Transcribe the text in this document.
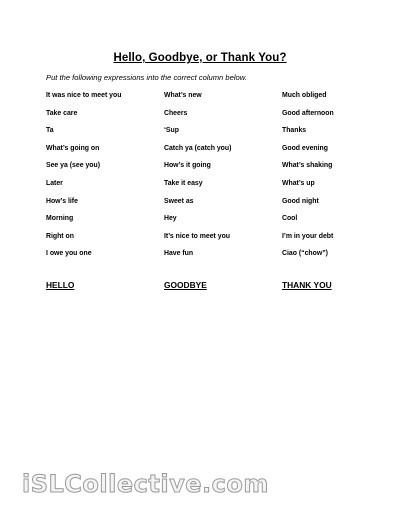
Hello, Goodbye, or Thank You?
Put the following expressions into the correct column below.
It was nice to meet you	What’s new	Much obliged
Take care	Cheers	Good afternoon
Ta	‘Sup	Thanks
What’s going on	Catch ya (catch you)	Good evening
See ya (see you)	How’s it going	What’s shaking
Later	Take it easy	What’s up
How’s life	Sweet as	Good night
Morning	Hey	Cool
Right on	It’s nice to meet you	I’m in your debt
I owe you one	Have fun	Ciao (“chow”)
HELLO	GOODBYE	THANK YOU
iSLCollective.com
